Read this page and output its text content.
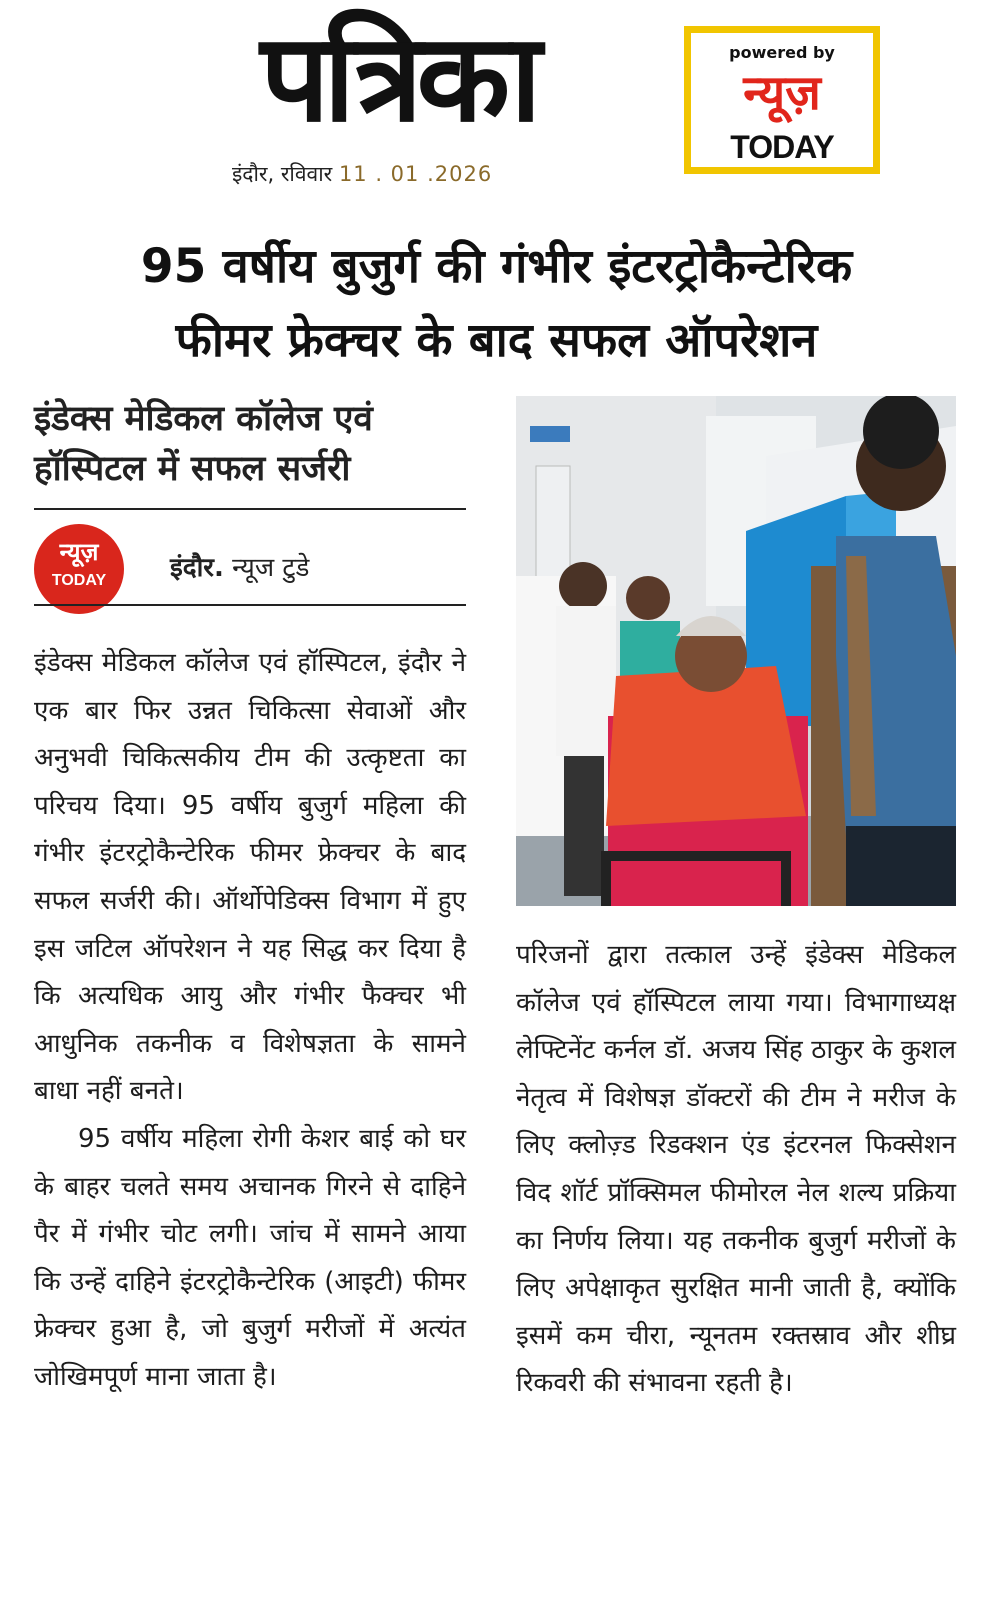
पत्रिका

इंदौर, रविवार 11 . 01 .2026

powered by
न्यूज़
TODAY
95 वर्षीय बुजुर्ग की गंभीर इंटरट्रोकैन्टेरिक
फीमर फ्रेक्चर के बाद सफल ऑपरेशन
इंडेक्स मेडिकल कॉलेज एवं
हॉस्पिटल में सफल सर्जरी
न्यूज़
TODAY	इंदौर. न्यूज टुडे

इंडेक्स मेडिकल कॉलेज एवं हॉस्पिटल, इंदौर ने एक बार फिर उन्नत चिकित्सा सेवाओं और अनुभवी चिकित्सकीय टीम की उत्कृष्टता का परिचय दिया। 95 वर्षीय बुजुर्ग महिला की गंभीर इंटरट्रोकैन्टेरिक फीमर फ्रेक्चर के बाद सफल सर्जरी की। ऑर्थोपेडिक्स विभाग में हुए इस जटिल ऑपरेशन ने यह सिद्ध कर दिया है कि अत्यधिक आयु और गंभीर फैक्चर भी आधुनिक तकनीक व विशेषज्ञता के सामने बाधा नहीं बनते।

95 वर्षीय महिला रोगी केशर बाई को घर के बाहर चलते समय अचानक गिरने से दाहिने पैर में गंभीर चोट लगी। जांच में सामने आया कि उन्हें दाहिने इंटरट्रोकैन्टेरिक (आइटी) फीमर फ्रेक्चर हुआ है, जो बुजुर्ग मरीजों में अत्यंत जोखिमपूर्ण माना जाता है।

परिजनों द्वारा तत्काल उन्हें इंडेक्स मेडिकल कॉलेज एवं हॉस्पिटल लाया गया। विभागाध्यक्ष लेफ्टिनेंट कर्नल डॉ. अजय सिंह ठाकुर के कुशल नेतृत्व में विशेषज्ञ डॉक्टरों की टीम ने मरीज के लिए क्लोज़्ड रिडक्शन एंड इंटरनल फिक्सेशन विद शॉर्ट प्रॉक्सिमल फीमोरल नेल शल्य प्रक्रिया का निर्णय लिया। यह तकनीक बुजुर्ग मरीजों के लिए अपेक्षाकृत सुरक्षित मानी जाती है, क्योंकि इसमें कम चीरा, न्यूनतम रक्तस्राव और शीघ्र रिकवरी की संभावना रहती है।
